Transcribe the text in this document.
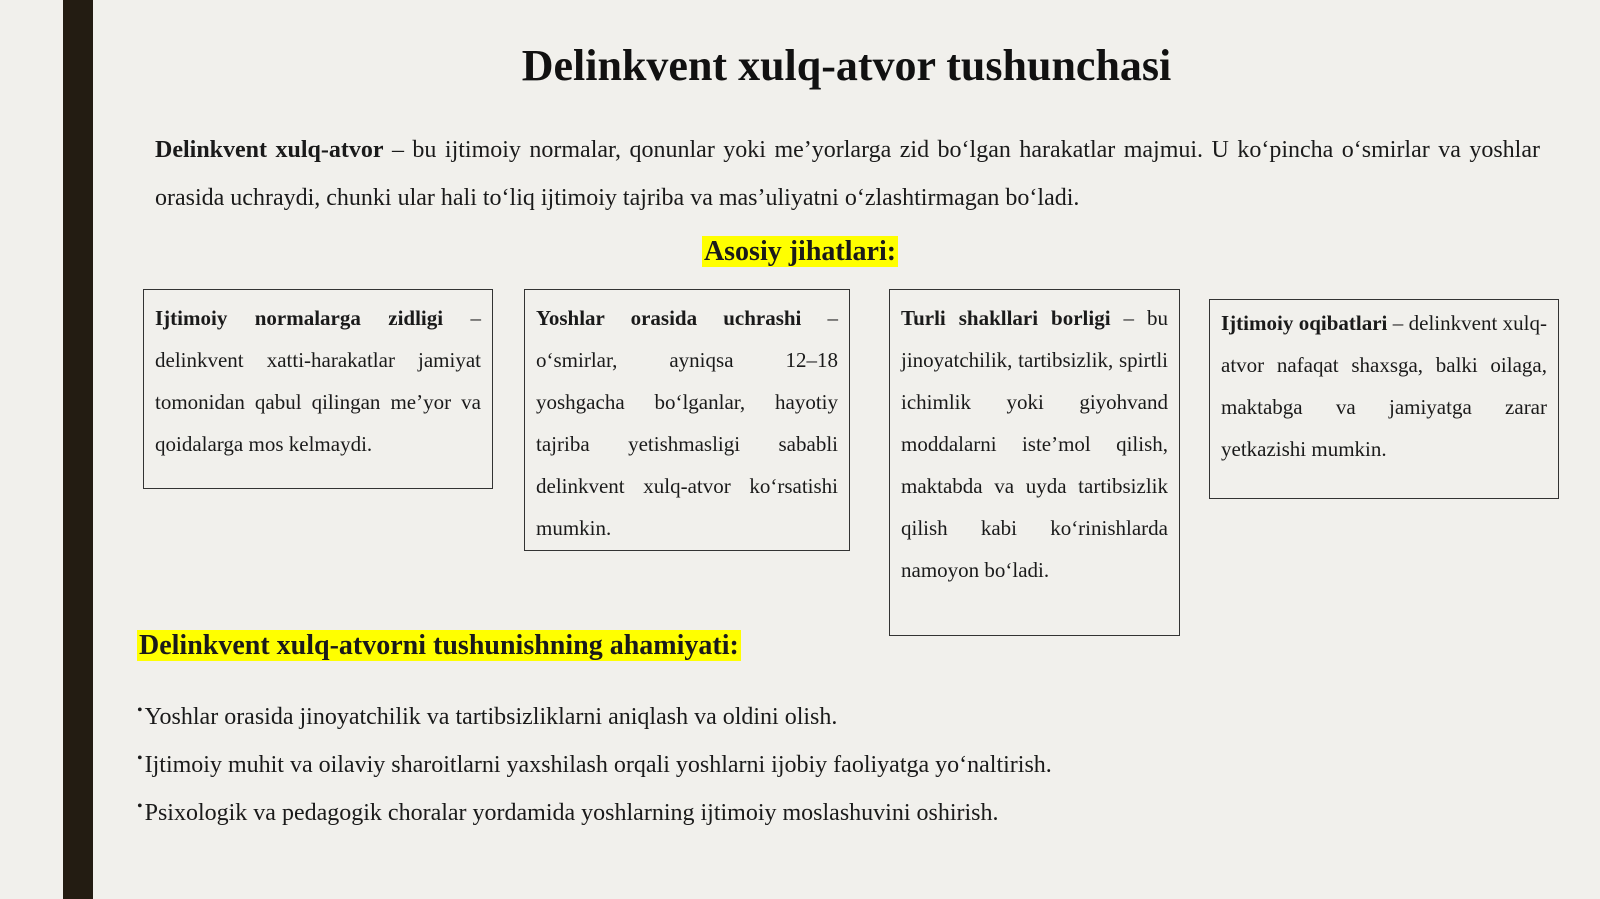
Delinkvent xulq-atvor tushunchasi

Delinkvent xulq-atvor – bu ijtimoiy normalar, qonunlar yoki me’yorlarga zid bo‘lgan harakatlar majmui. U ko‘pincha o‘smirlar va yoshlar orasida uchraydi, chunki ular hali to‘liq ijtimoiy tajriba va mas’uliyatni o‘zlashtirmagan bo‘ladi.

Asosiy jihatlari:

Ijtimoiy normalarga zidligi – delinkvent xatti-harakatlar jamiyat tomonidan qabul qilingan me’yor va qoidalarga mos kelmaydi.

Yoshlar orasida uchrashi – o‘smirlar, ayniqsa 12–18 yoshgacha bo‘lganlar, hayotiy tajriba yetishmasligi sababli delinkvent xulq-atvor ko‘rsatishi mumkin.

Turli shakllari borligi – bu jinoyatchilik, tartibsizlik, spirtli ichimlik yoki giyohvand moddalarni iste’mol qilish, maktabda va uyda tartibsizlik qilish kabi ko‘rinishlarda namoyon bo‘ladi.

Ijtimoiy oqibatlari – delinkvent xulq-atvor nafaqat shaxsga, balki oilaga, maktabga va jamiyatga zarar yetkazishi mumkin.

Delinkvent xulq-atvorni tushunishning ahamiyati:

• Yoshlar orasida jinoyatchilik va tartibsizliklarni aniqlash va oldini olish.
• Ijtimoiy muhit va oilaviy sharoitlarni yaxshilash orqali yoshlarni ijobiy faoliyatga yo‘naltirish.
• Psixologik va pedagogik choralar yordamida yoshlarning ijtimoiy moslashuvini oshirish.
